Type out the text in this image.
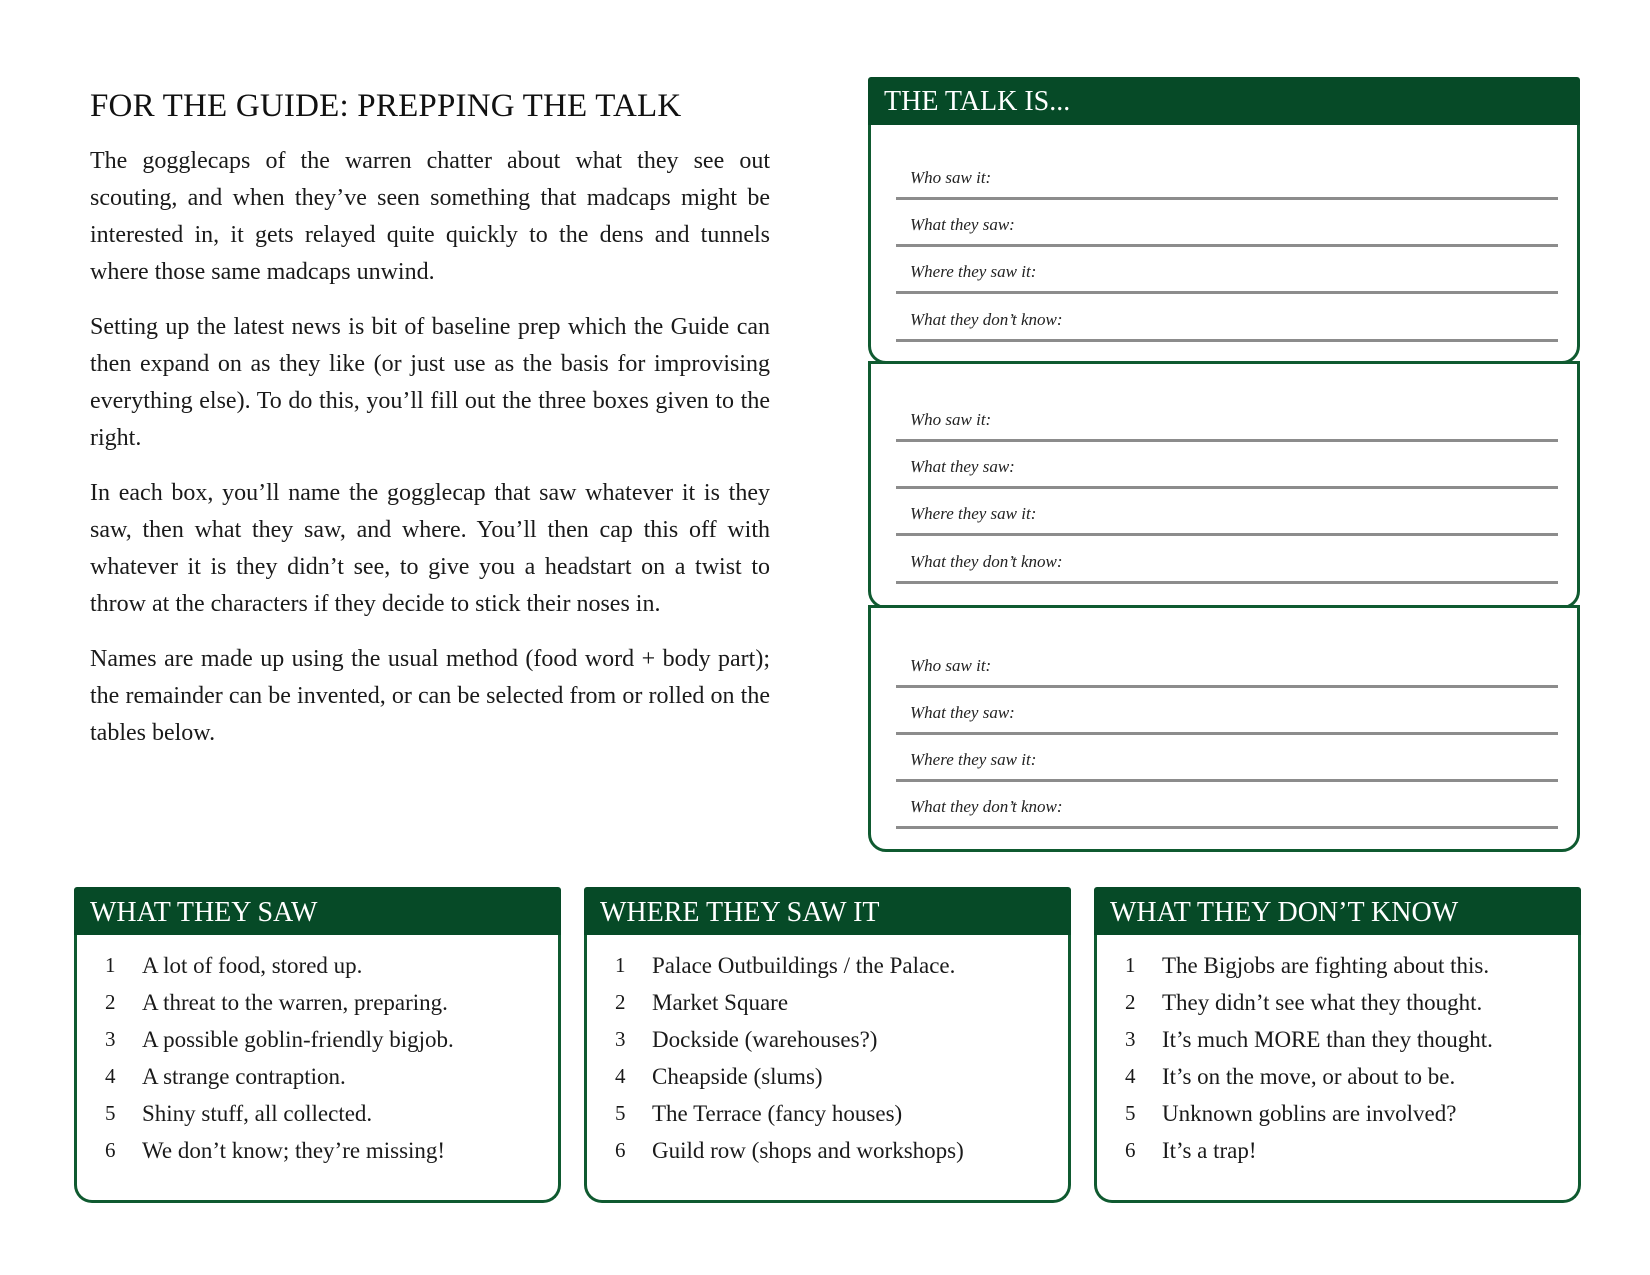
FOR THE GUIDE: PREPPING THE TALK

The gogglecaps of the warren chatter about what they see out scouting, and when they’ve seen something that madcaps might be interested in, it gets relayed quite quickly to the dens and tunnels where those same madcaps unwind.

Setting up the latest news is bit of baseline prep which the Guide can then expand on as they like (or just use as the basis for improvising everything else). To do this, you’ll fill out the three boxes given to the right.

In each box, you’ll name the gogglecap that saw whatever it is they saw, then what they saw, and where. You’ll then cap this off with whatever it is they didn’t see, to give you a headstart on a twist to throw at the characters if they decide to stick their noses in.

Names are made up using the usual method (food word + body part); the remainder can be invented, or can be selected from or rolled on the tables below.

Who saw it:
What they saw:
Where they saw it:
What they don’t know:
Who saw it:
What they saw:
Where they saw it:
What they don’t know:
Who saw it:
What they saw:
Where they saw it:
What they don’t know:
THE TALK IS...
1	A lot of food, stored up.
2	A threat to the warren, preparing.
3	A possible goblin-friendly bigjob.
4	A strange contraption.
5	Shiny stuff, all collected.
6	We don’t know; they’re missing!
WHAT THEY SAW
1	Palace Outbuildings / the Palace.
2	Market Square
3	Dockside (warehouses?)
4	Cheapside (slums)
5	The Terrace (fancy houses)
6	Guild row (shops and workshops)
WHERE THEY SAW IT
1	The Bigjobs are fighting about this.
2	They didn’t see what they thought.
3	It’s much MORE than they thought.
4	It’s on the move, or about to be.
5	Unknown goblins are involved?
6	It’s a trap!
WHAT THEY DON’T KNOW
